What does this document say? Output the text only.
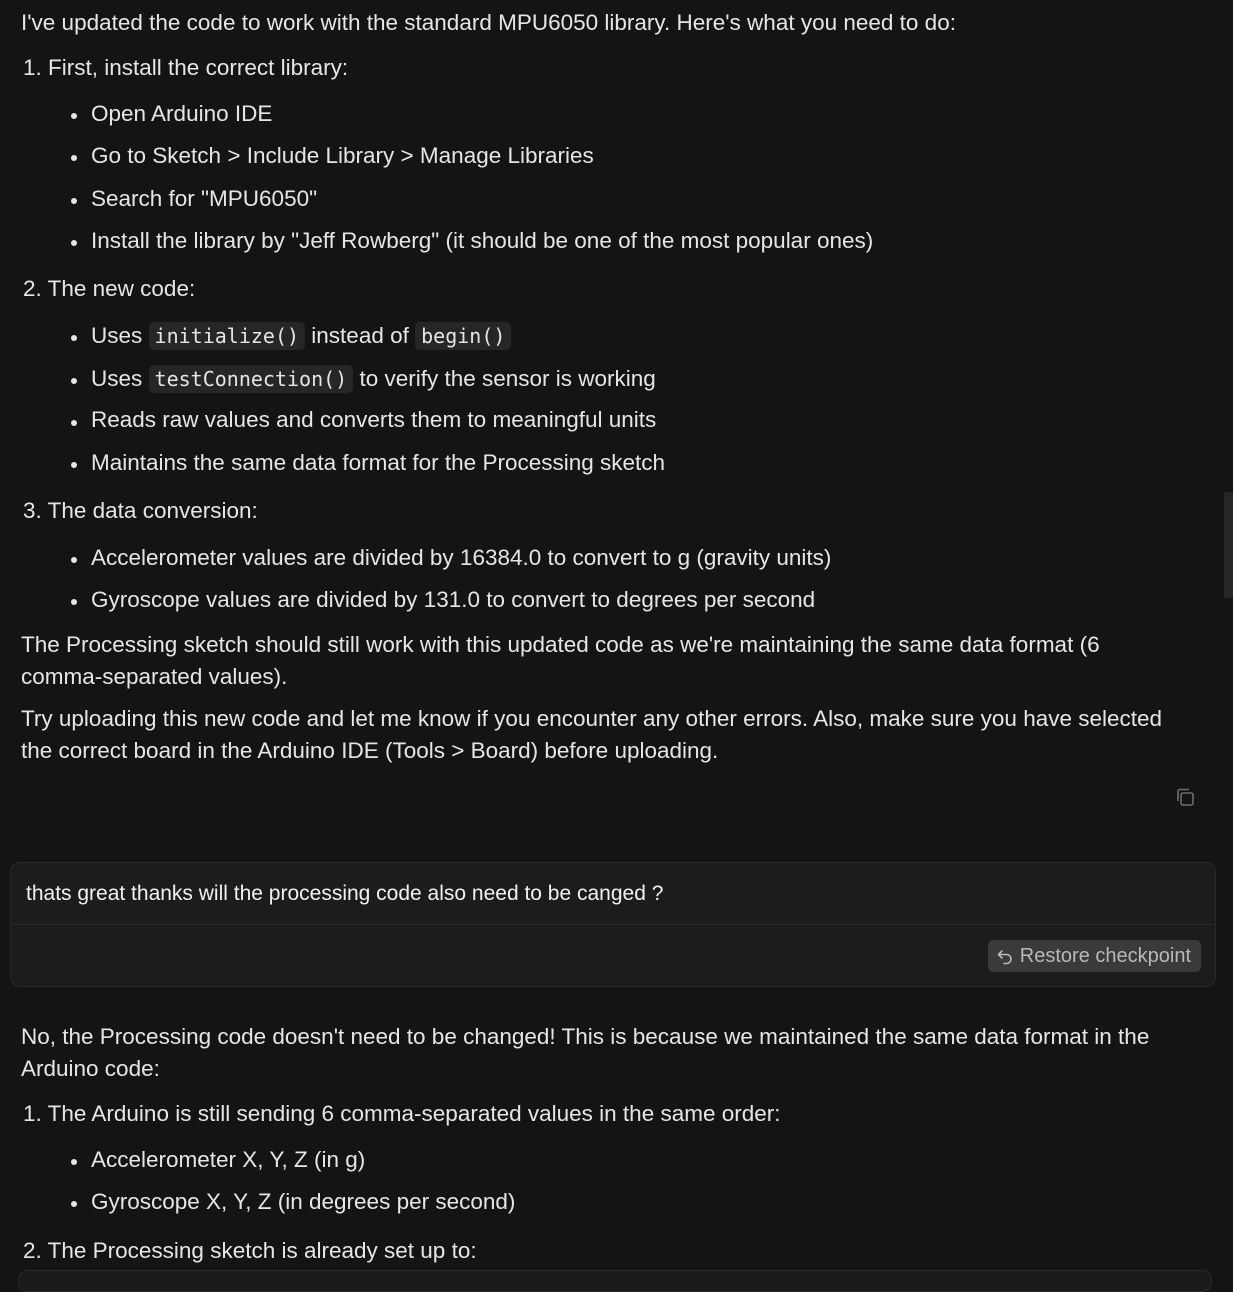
I've updated the code to work with the standard MPU6050 library. Here's what you need to do:
1. First, install the correct library:
Open Arduino IDE
Go to Sketch > Include Library > Manage Libraries
Search for "MPU6050"
Install the library by "Jeff Rowberg" (it should be one of the most popular ones)
2. The new code:
Uses initialize() instead of begin()
Uses testConnection() to verify the sensor is working
Reads raw values and converts them to meaningful units
Maintains the same data format for the Processing sketch
3. The data conversion:
Accelerometer values are divided by 16384.0 to convert to g (gravity units)
Gyroscope values are divided by 131.0 to convert to degrees per second

The Processing sketch should still work with this updated code as we're maintaining the same data format (6 comma-separated values).

Try uploading this new code and let me know if you encounter any other errors. Also, make sure you have selected the correct board in the Arduino IDE (Tools > Board) before uploading.

thats great thanks will the processing code also need to be canged ?
Restore checkpoint

No, the Processing code doesn't need to be changed! This is because we maintained the same data format in the Arduino code:

1. The Arduino is still sending 6 comma-separated values in the same order:
Accelerometer X, Y, Z (in g)
Gyroscope X, Y, Z (in degrees per second)
2. The Processing sketch is already set up to:
